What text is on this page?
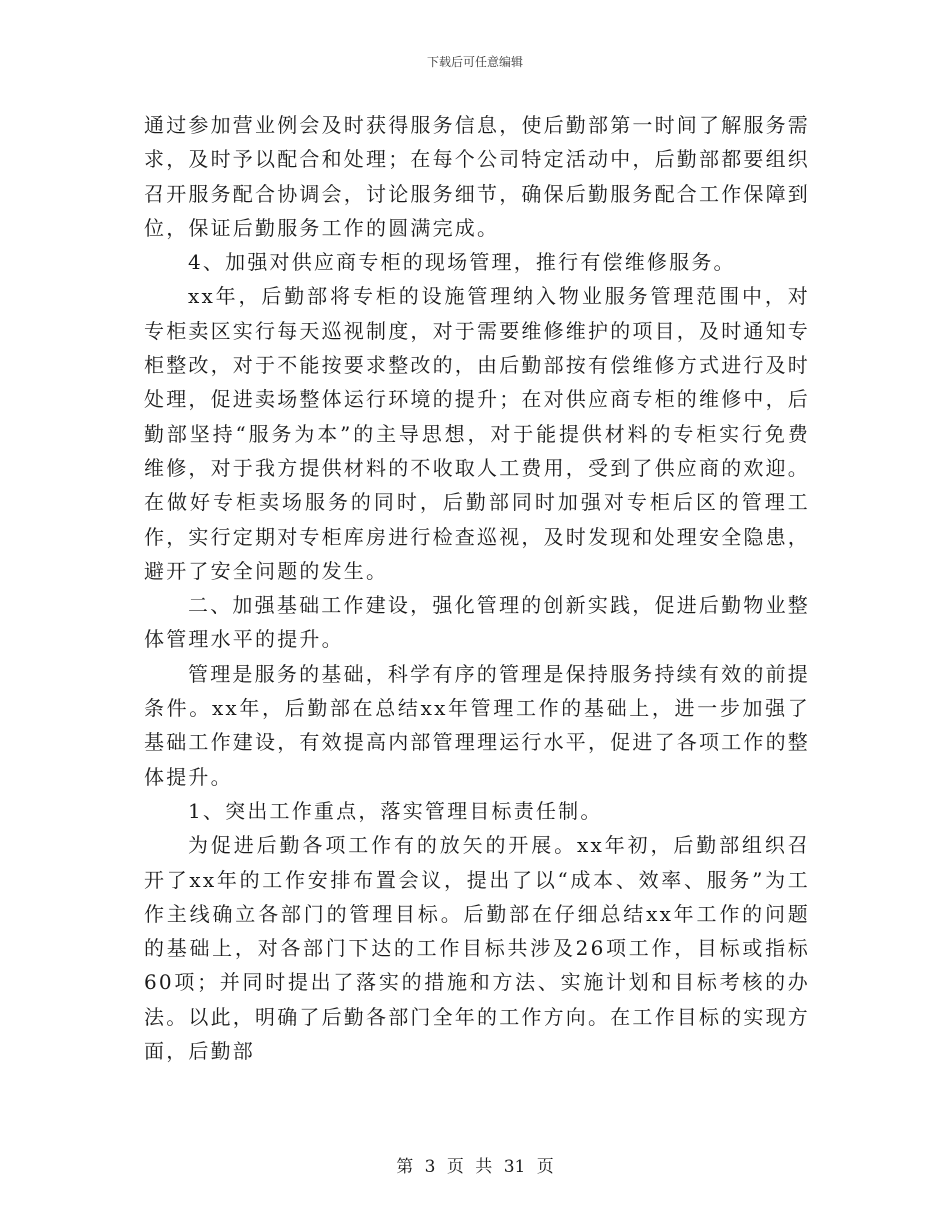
下载后可任意编辑

通过参加营业例会及时获得服务信息，使后勤部第一时间了解服务需求，及时予以配合和处理；在每个公司特定活动中，后勤部都要组织召开服务配合协调会，讨论服务细节，确保后勤服务配合工作保障到位，保证后勤服务工作的圆满完成。

4、加强对供应商专柜的现场管理，推行有偿维修服务。

xx年，后勤部将专柜的设施管理纳入物业服务管理范围中，对专柜卖区实行每天巡视制度，对于需要维修维护的项目，及时通知专柜整改，对于不能按要求整改的，由后勤部按有偿维修方式进行及时处理，促进卖场整体运行环境的提升；在对供应商专柜的维修中，后勤部坚持“服务为本”的主导思想，对于能提供材料的专柜实行免费维修，对于我方提供材料的不收取人工费用，受到了供应商的欢迎。在做好专柜卖场服务的同时，后勤部同时加强对专柜后区的管理工作，实行定期对专柜库房进行检查巡视，及时发现和处理安全隐患，避开了安全问题的发生。

二、加强基础工作建设，强化管理的创新实践，促进后勤物业整体管理水平的提升。

管理是服务的基础，科学有序的管理是保持服务持续有效的前提条件。xx年，后勤部在总结xx年管理工作的基础上，进一步加强了基础工作建设，有效提高内部管理理运行水平，促进了各项工作的整体提升。

1、突出工作重点，落实管理目标责任制。

为促进后勤各项工作有的放矢的开展。xx年初，后勤部组织召开了xx年的工作安排布置会议，提出了以“成本、效率、服务”为工作主线确立各部门的管理目标。后勤部在仔细总结xx年工作的问题的基础上，对各部门下达的工作目标共涉及26项工作，目标或指标60项；并同时提出了落实的措施和方法、实施计划和目标考核的办法。以此，明确了后勤各部门全年的工作方向。在工作目标的实现方面，后勤部

第 3 页 共 31 页
